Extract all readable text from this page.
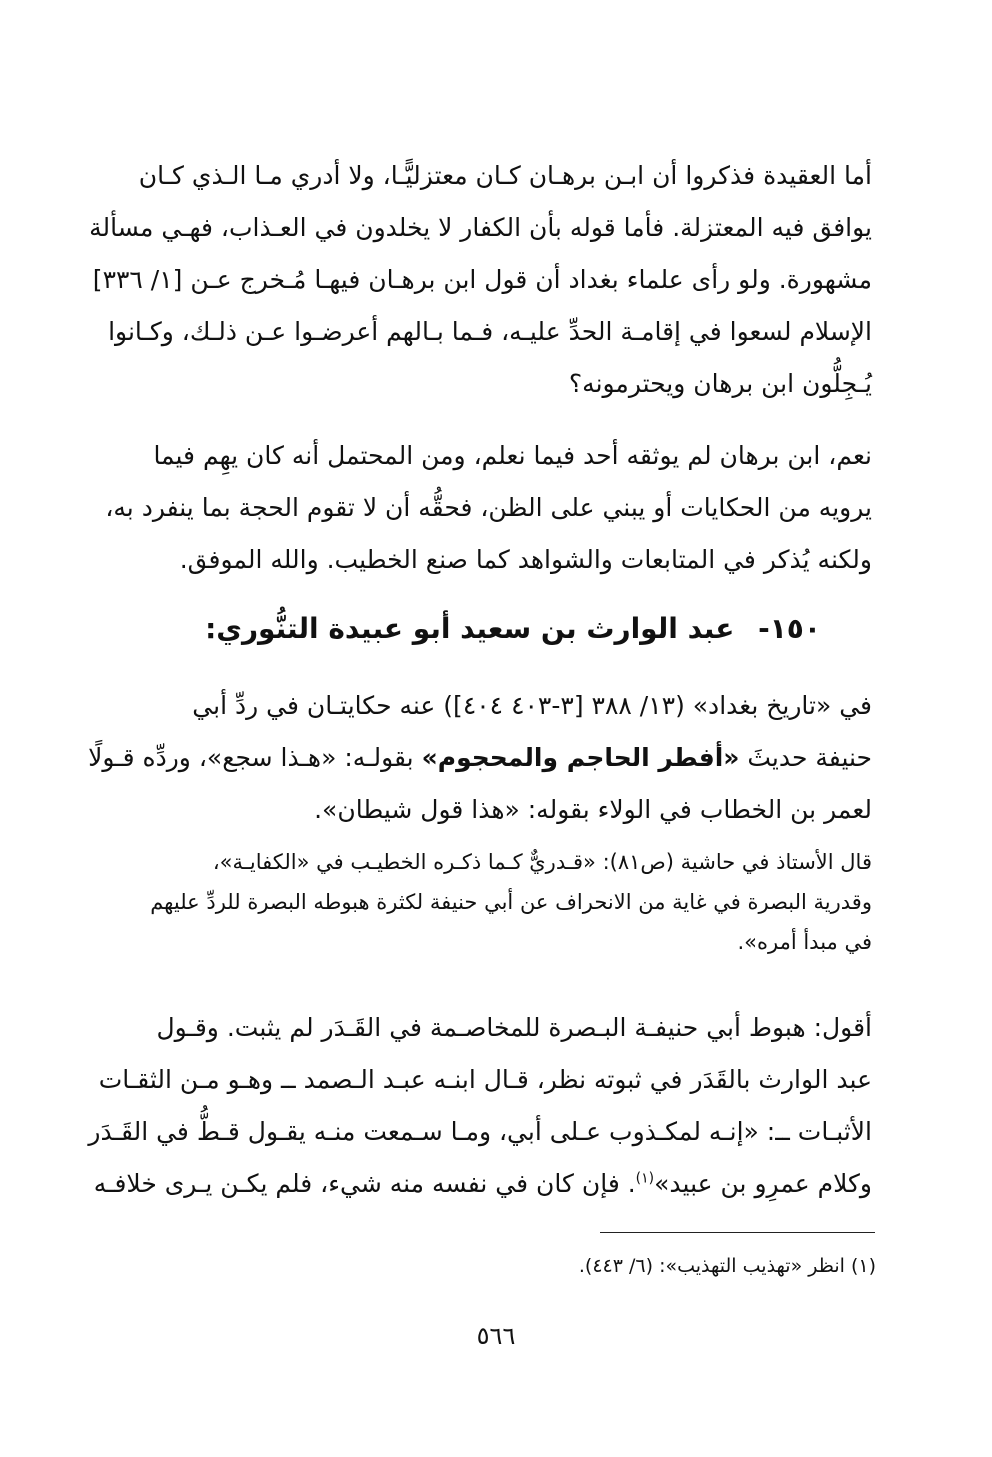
أما العقيدة فذكروا أن ابـن برهـان كـان معتزليًّـا، ولا أدري مـا الـذي كـان
يوافق فيه المعتزلة. فأما قوله بأن الكفار لا يخلدون في العـذاب، فهـي مسألة
مشهورة. ولو رأى علماء بغداد أن قول ابن برهـان فيهـا مُـخرج عـن [١/ ٣٣٦]
الإسلام لسعوا في إقامـة الحدِّ عليـه، فـما بـالهم أعرضـوا عـن ذلـك، وكـانوا
يُـجِلُّون ابن برهان ويحترمونه؟
نعم، ابن برهان لم يوثقه أحد فيما نعلم، ومن المحتمل أنه كان يهِم فيما
يرويه من الحكايات أو يبني على الظن، فحقُّه أن لا تقوم الحجة بما ينفرد به،
ولكنه يُذكر في المتابعات والشواهد كما صنع الخطيب. والله الموفق.
١٥٠- عبد الوارث بن سعيد أبو عبيدة التنُّوري:
في «تاريخ بغداد» (١٣/ ٣٨٨ [٣-٤٠٣ ٤٠٤]) عنه حكايتـان في ردِّ أبي
حنيفة حديثَ «أفطر الحاجم والمحجوم» بقولـه: «هـذا سجع»، وردِّه قـولًا
لعمر بن الخطاب في الولاء بقوله: «هذا قول شيطان».
قال الأستاذ في حاشية (ص٨١): «قـدريٌّ كـما ذكـره الخطيـب في «الكفايـة»،
وقدرية البصرة في غاية من الانحراف عن أبي حنيفة لكثرة هبوطه البصرة للردِّ عليهم
في مبدأ أمره».
أقول: هبوط أبي حنيفـة البـصرة للمخاصـمة في القَـدَر لم يثبت. وقـول
عبد الوارث بالقَدَر في ثبوته نظر، قـال ابنـه عبـد الـصمد ــ وهـو مـن الثقـات
الأثبـات ــ: «إنـه لمكـذوب عـلى أبي، ومـا سـمعت منـه يقـول قـطُّ في القَـدَر
وكلام عمرِو بن عبيد»$^{(١)}$. فإن كان في نفسه منه شيء، فلم يكـن يـرى خلافـه
(١) انظر «تهذيب التهذيب»: (٦/ ٤٤٣).
٥٦٦
